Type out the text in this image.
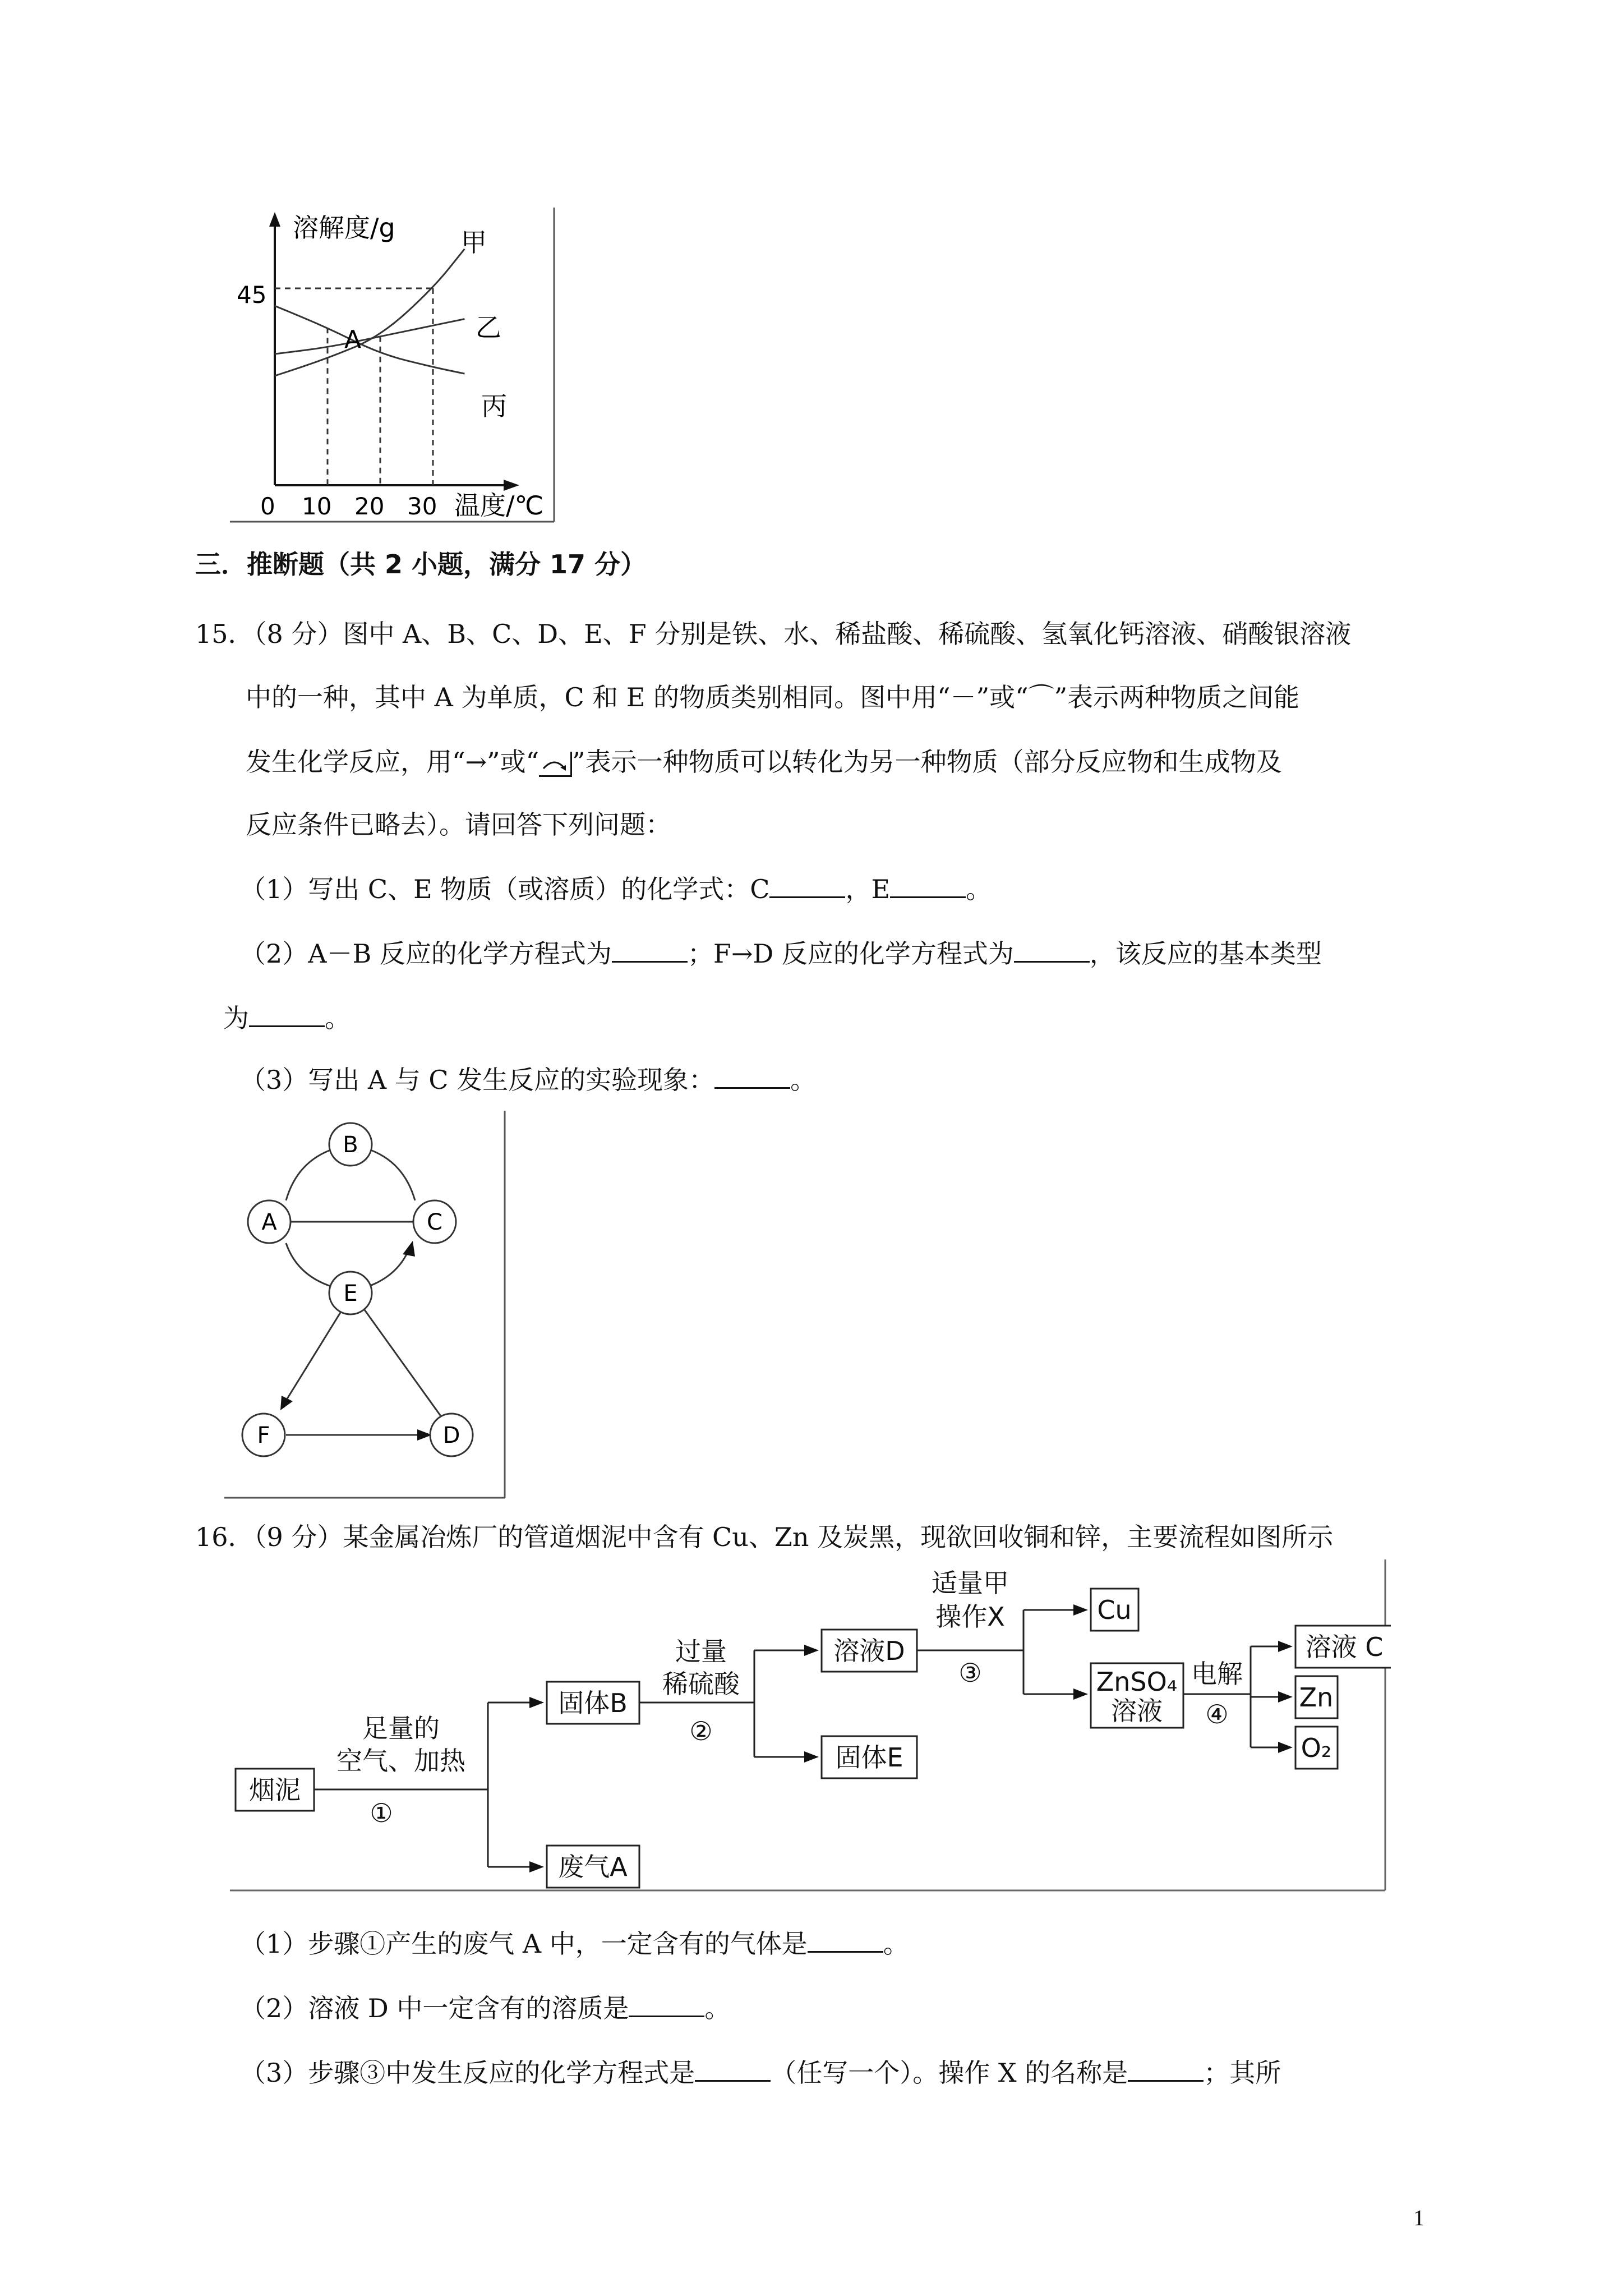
溶解度/g
温度/℃
45
0 10 20 30
A
甲
乙
丙
三．推断题（共 2 小题，满分 17 分）
15．（8 分）图中 A、B、C、D、E、F 分别是铁、水、稀盐酸、稀硫酸、氢氧化钙溶液、硝酸银溶液
中的一种，其中 A 为单质，C 和 E 的物质类别相同。图中用“－”或“⌒”表示两种物质之间能
发生化学反应，用“→”或“ ”表示一种物质可以转化为另一种物质（部分反应物和生成物及
反应条件已略去）。请回答下列问题：
（1）写出 C、E 物质（或溶质）的化学式：C	，E	。
（2）A－B 反应的化学方程式为	；F→D 反应的化学方程式为	，该反应的基本类型
为	。
（3）写出 A 与 C 发生反应的实验现象：	。
B
A	C
E
F	D
16．（9 分）某金属冶炼厂的管道烟泥中含有 Cu、Zn 及炭黑，现欲回收铜和锌，主要流程如图所示
烟泥
足量的
空气、加热
①
固体B
废气A
过量
稀硫酸
②
溶液D
固体E
适量甲
操作X
③
Cu
ZnSO₄
溶液
电解
④
溶液 C
Zn
O₂
（1）步骤①产生的废气 A 中，一定含有的气体是	。
（2）溶液 D 中一定含有的溶质是	。
（3）步骤③中发生反应的化学方程式是	（任写一个）。操作 X 的名称是	；其所
1
